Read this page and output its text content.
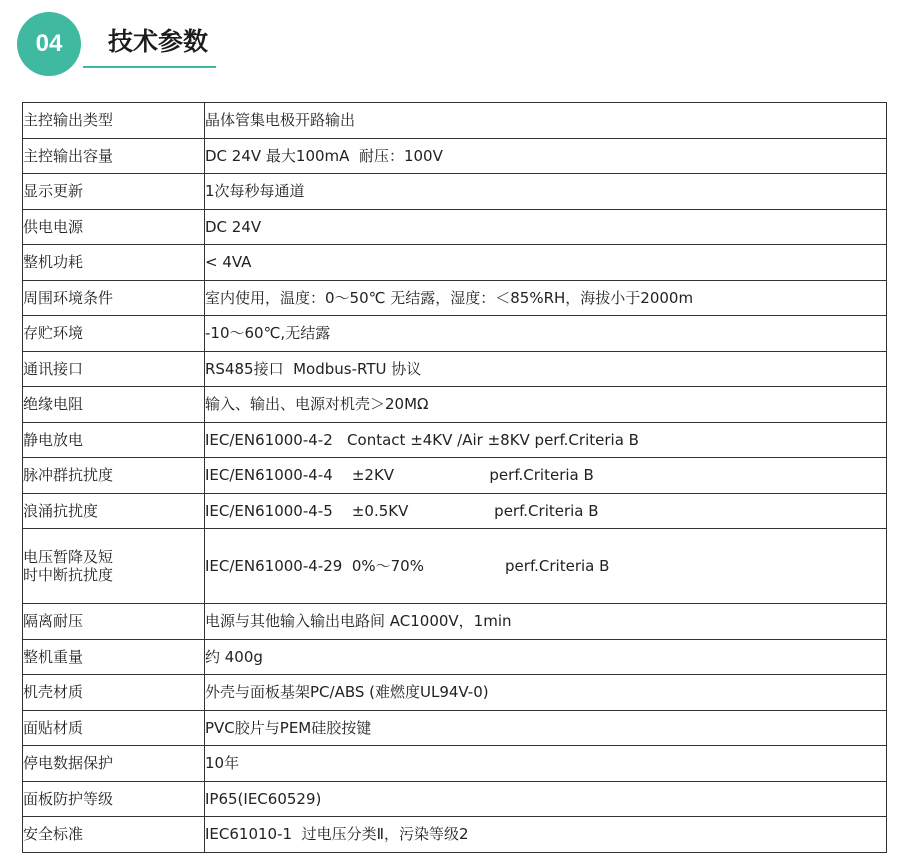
04	技术参数
主控输出类型	晶体管集电极开路输出
主控输出容量	DC 24V 最大100mA  耐压：100V
显示更新	1次每秒每通道
供电电源	DC 24V
整机功耗	< 4VA
周围环境条件	室内使用，温度：0～50℃ 无结露，湿度：＜85%RH，海拔小于2000m
存贮环境	-10～60℃,无结露
通讯接口	RS485接口  Modbus-RTU 协议
绝缘电阻	输入、输出、电源对机壳＞20MΩ
静电放电	IEC/EN61000-4-2   Contact ±4KV /Air ±8KV perf.Criteria B
脉冲群抗扰度	IEC/EN61000-4-4    ±2KV                    perf.Criteria B
浪涌抗扰度	IEC/EN61000-4-5    ±0.5KV                  perf.Criteria B
电压暂降及短
时中断抗扰度	IEC/EN61000-4-29  0%～70%                 perf.Criteria B
隔离耐压	电源与其他输入输出电路间 AC1000V，1min
整机重量	约 400g
机壳材质	外壳与面板基架PC/ABS (难燃度UL94V-0)
面贴材质	PVC胶片与PEM硅胶按键
停电数据保护	10年
面板防护等级	IP65(IEC60529)
安全标准	IEC61010-1  过电压分类Ⅱ，污染等级2
